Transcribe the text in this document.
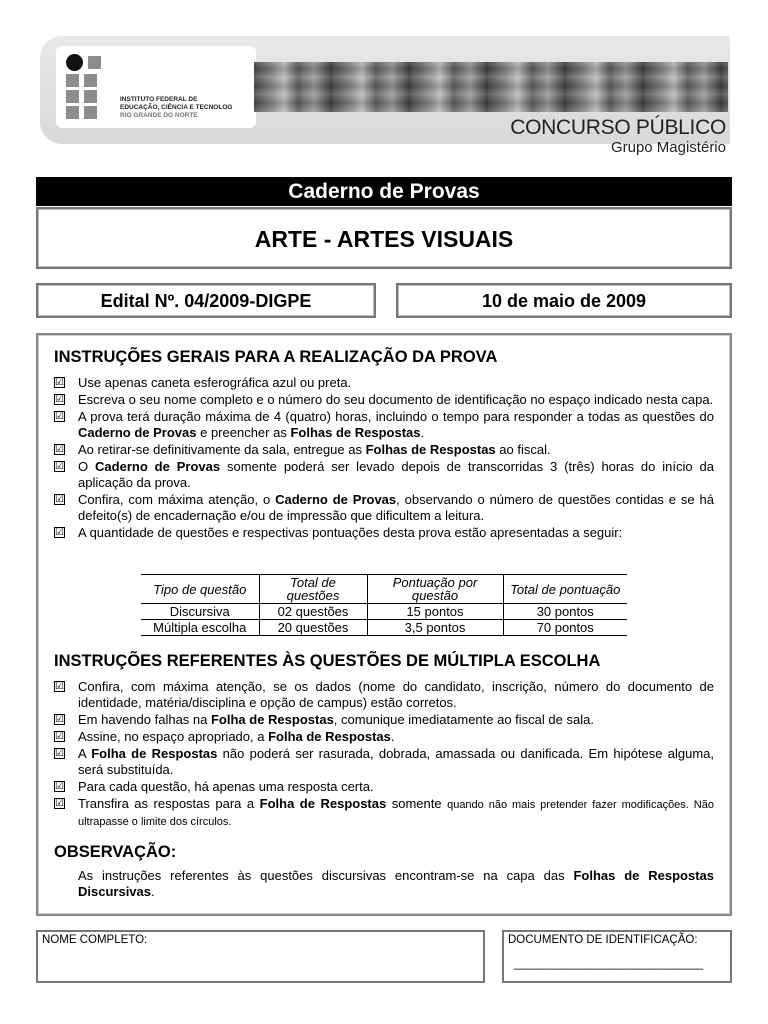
INSTITUTO FEDERAL DE
EDUCAÇÃO, CIÊNCIA E TECNOLOG
RIO GRANDE DO NORTE
CONCURSO PÚBLICO
Grupo Magistério
Caderno de Provas
ARTE - ARTES VISUAIS
Edital Nº. 04/2009-DIGPE	10 de maio de 2009
INSTRUÇÕES GERAIS PARA A REALIZAÇÃO DA PROVA
☑ Use apenas caneta esferográfica azul ou preta.
☑ Escreva o seu nome completo e o número do seu documento de identificação no espaço indicado nesta capa.
☑ A prova terá duração máxima de 4 (quatro) horas, incluindo o tempo para responder a todas as questões do Caderno de Provas e preencher as Folhas de Respostas.
☑ Ao retirar-se definitivamente da sala, entregue as Folhas de Respostas ao fiscal.
☑ O Caderno de Provas somente poderá ser levado depois de transcorridas 3 (três) horas do início da aplicação da prova.
☑ Confira, com máxima atenção, o Caderno de Provas, observando o número de questões contidas e se há defeito(s) de encadernação e/ou de impressão que dificultem a leitura.
☑ A quantidade de questões e respectivas pontuações desta prova estão apresentadas a seguir:
Tipo de questão	Total de questões	Pontuação por questão	Total de pontuação
Discursiva	02 questões	15 pontos	30 pontos
Múltipla escolha	20 questões	3,5 pontos	70 pontos
INSTRUÇÕES REFERENTES ÀS QUESTÕES DE MÚLTIPLA ESCOLHA
☑ Confira, com máxima atenção, se os dados (nome do candidato, inscrição, número do documento de identidade, matéria/disciplina e opção de campus) estão corretos.
☑ Em havendo falhas na Folha de Respostas, comunique imediatamente ao fiscal de sala.
☑ Assine, no espaço apropriado, a Folha de Respostas.
☑ A Folha de Respostas não poderá ser rasurada, dobrada, amassada ou danificada. Em hipótese alguma, será substituída.
☑ Para cada questão, há apenas uma resposta certa.
☑ Transfira as respostas para a Folha de Respostas somente quando não mais pretender fazer modificações. Não ultrapasse o limite dos círculos.
OBSERVAÇÃO:
As instruções referentes às questões discursivas encontram-se na capa das Folhas de Respostas Discursivas.
NOME COMPLETO:	DOCUMENTO DE IDENTIFICAÇÃO:
________________________________
